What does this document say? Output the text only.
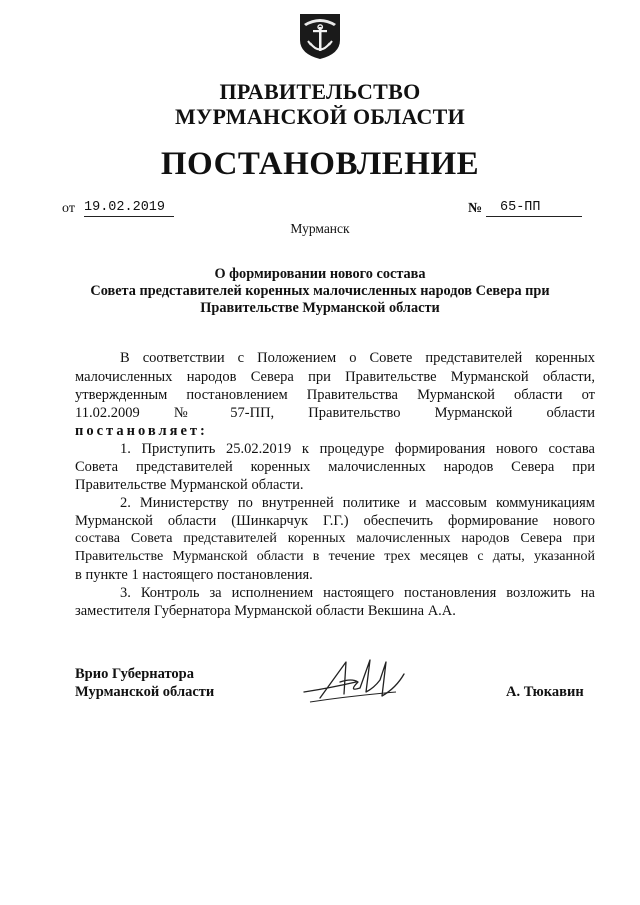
ПРАВИТЕЛЬСТВО
МУРМАНСКОЙ ОБЛАСТИ
ПОСТАНОВЛЕНИЕ
от 19.02.2019	№	65-ПП
Мурманск
О формировании нового состава
Совета представителей коренных малочисленных народов Севера при
Правительстве Мурманской области
В соответствии с Положением о Совете представителей коренных
малочисленных народов Севера при Правительстве Мурманской области,
утвержденным постановлением Правительства Мурманской области от
11.02.2009 № 57-ПП, Правительство Мурманской области
постановляет:
1. Приступить 25.02.2019 к процедуре формирования нового состава
Совета представителей коренных малочисленных народов Севера при
Правительстве Мурманской области.
2. Министерству по внутренней политике и массовым коммуникациям
Мурманской области (Шинкарчук Г.Г.) обеспечить формирование нового
состава Совета представителей коренных малочисленных народов Севера при
Правительстве Мурманской области в течение трех месяцев с даты, указанной
в пункте 1 настоящего постановления.
3. Контроль за исполнением настоящего постановления возложить на
заместителя Губернатора Мурманской области Векшина А.А.
Врио Губернатора
Мурманской области	А. Тюкавин
